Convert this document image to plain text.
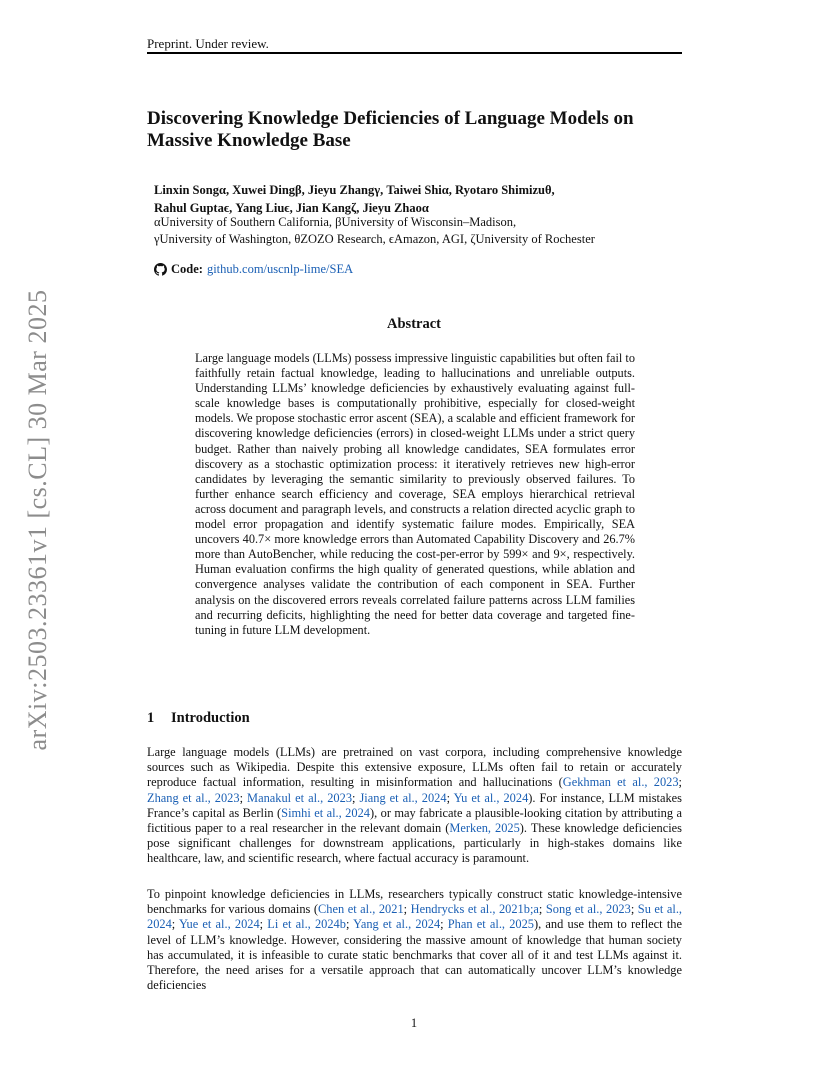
arXiv:2503.23361v1 [cs.CL] 30 Mar 2025
Preprint. Under review.
Discovering Knowledge Deficiencies of Language Models on Massive Knowledge Base
Linxin Songα, Xuwei Dingβ, Jieyu Zhangγ, Taiwei Shiα, Ryotaro Shimizuθ,
Rahul Guptaϵ, Yang Liuϵ, Jian Kangζ, Jieyu Zhaoα
αUniversity of Southern California, βUniversity of Wisconsin–Madison,
γUniversity of Washington, θZOZO Research, ϵAmazon, AGI, ζUniversity of Rochester
Code: github.com/uscnlp-lime/SEA
Abstract
Large language models (LLMs) possess impressive linguistic capabilities but often fail to faithfully retain factual knowledge, leading to hallucinations and unreliable outputs. Understanding LLMs’ knowledge deficiencies by exhaustively evaluating against full-scale knowledge bases is computationally prohibitive, especially for closed-weight models. We propose stochastic error ascent (SEA), a scalable and efficient framework for discovering knowledge deficiencies (errors) in closed-weight LLMs under a strict query budget. Rather than naively probing all knowledge candidates, SEA formulates error discovery as a stochastic optimization process: it iteratively retrieves new high-error candidates by leveraging the semantic similarity to previously observed failures. To further enhance search efficiency and coverage, SEA employs hierarchical retrieval across document and paragraph levels, and constructs a relation directed acyclic graph to model error propagation and identify systematic failure modes. Empirically, SEA uncovers 40.7× more knowledge errors than Automated Capability Discovery and 26.7% more than AutoBencher, while reducing the cost-per-error by 599× and 9×, respectively. Human evaluation confirms the high quality of generated questions, while ablation and convergence analyses validate the contribution of each component in SEA. Further analysis on the discovered errors reveals correlated failure patterns across LLM families and recurring deficits, highlighting the need for better data coverage and targeted fine-tuning in future LLM development.
1 Introduction
Large language models (LLMs) are pretrained on vast corpora, including comprehensive knowledge sources such as Wikipedia. Despite this extensive exposure, LLMs often fail to retain or accurately reproduce factual information, resulting in misinformation and hallucinations (Gekhman et al., 2023; Zhang et al., 2023; Manakul et al., 2023; Jiang et al., 2024; Yu et al., 2024). For instance, LLM mistakes France’s capital as Berlin (Simhi et al., 2024), or may fabricate a plausible-looking citation by attributing a fictitious paper to a real researcher in the relevant domain (Merken, 2025). These knowledge deficiencies pose significant challenges for downstream applications, particularly in high-stakes domains like healthcare, law, and scientific research, where factual accuracy is paramount.
To pinpoint knowledge deficiencies in LLMs, researchers typically construct static knowledge-intensive benchmarks for various domains (Chen et al., 2021; Hendrycks et al., 2021b;a; Song et al., 2023; Su et al., 2024; Yue et al., 2024; Li et al., 2024b; Yang et al., 2024; Phan et al., 2025), and use them to reflect the level of LLM’s knowledge. However, considering the massive amount of knowledge that human society has accumulated, it is infeasible to curate static benchmarks that cover all of it and test LLMs against it. Therefore, the need arises for a versatile approach that can automatically uncover LLM’s knowledge deficiencies
1
